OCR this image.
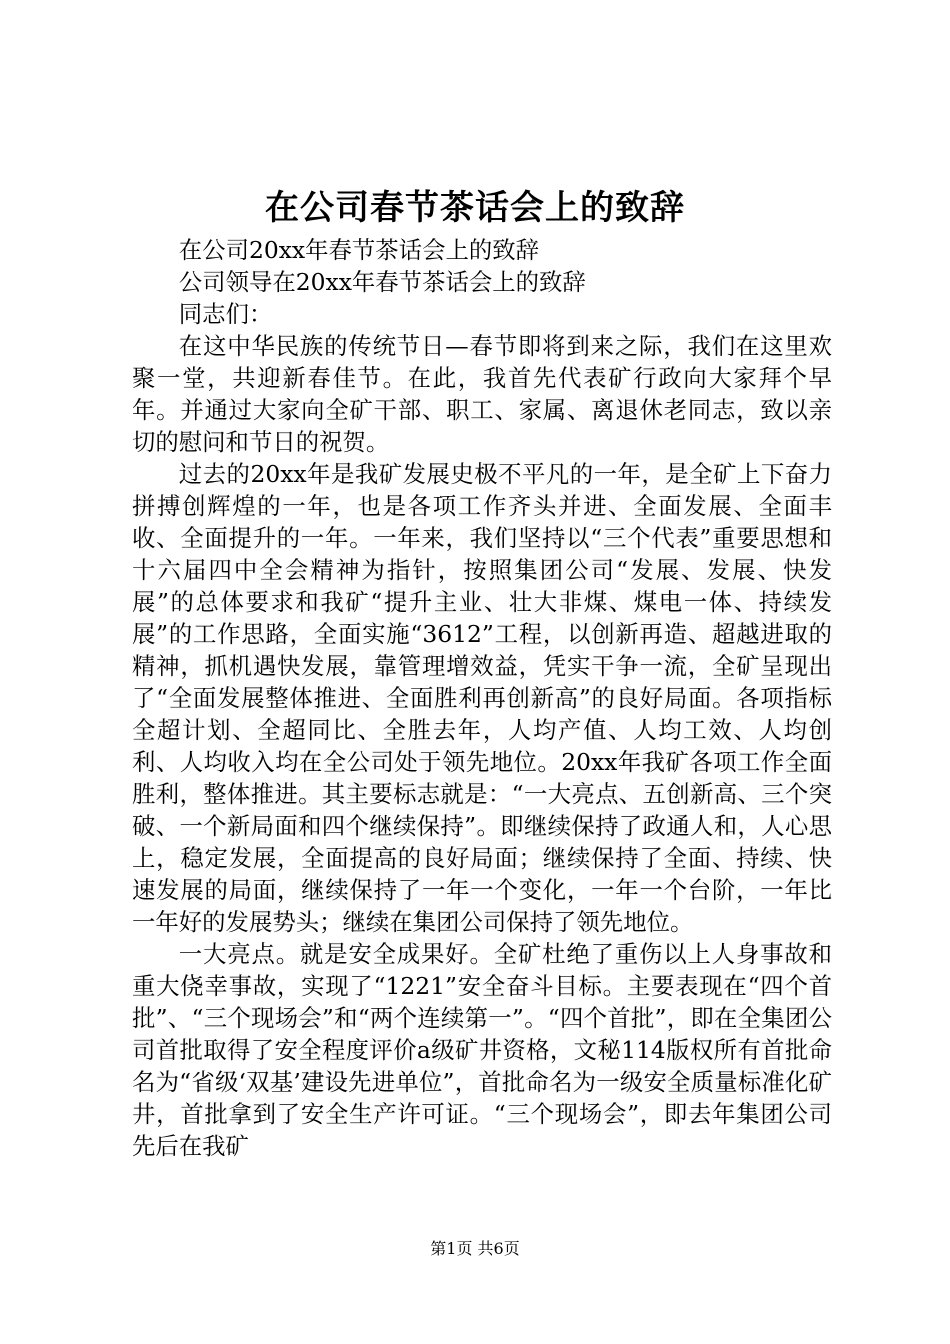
在公司春节茶话会上的致辞

在公司20xx年春节茶话会上的致辞

公司领导在20xx年春节茶话会上的致辞

同志们：

在这中华民族的传统节日—春节即将到来之际，我们在这里欢聚一堂，共迎新春佳节。在此，我首先代表矿行政向大家拜个早年。并通过大家向全矿干部、职工、家属、离退休老同志，致以亲切的慰问和节日的祝贺。

过去的20xx年是我矿发展史极不平凡的一年，是全矿上下奋力拼搏创辉煌的一年，也是各项工作齐头并进、全面发展、全面丰收、全面提升的一年。一年来，我们坚持以“三个代表”重要思想和十六届四中全会精神为指针，按照集团公司“发展、发展、快发展”的总体要求和我矿“提升主业、壮大非煤、煤电一体、持续发展”的工作思路，全面实施“3612”工程，以创新再造、超越进取的精神，抓机遇快发展，靠管理增效益，凭实干争一流，全矿呈现出了“全面发展整体推进、全面胜利再创新高”的良好局面。各项指标全超计划、全超同比、全胜去年，人均产值、人均工效、人均创利、人均收入均在全公司处于领先地位。20xx年我矿各项工作全面胜利，整体推进。其主要标志就是：“一大亮点、五创新高、三个突破、一个新局面和四个继续保持”。即继续保持了政通人和，人心思上，稳定发展，全面提高的良好局面；继续保持了全面、持续、快速发展的局面，继续保持了一年一个变化，一年一个台阶，一年比一年好的发展势头；继续在集团公司保持了领先地位。

一大亮点。就是安全成果好。全矿杜绝了重伤以上人身事故和重大侥幸事故，实现了“1221”安全奋斗目标。主要表现在“四个首批”、“三个现场会”和“两个连续第一”。“四个首批”，即在全集团公司首批取得了安全程度评价a级矿井资格，文秘114版权所有首批命名为“省级‘双基’建设先进单位”，首批命名为一级安全质量标准化矿井，首批拿到了安全生产许可证。“三个现场会”，即去年集团公司先后在我矿

第1页 共6页
